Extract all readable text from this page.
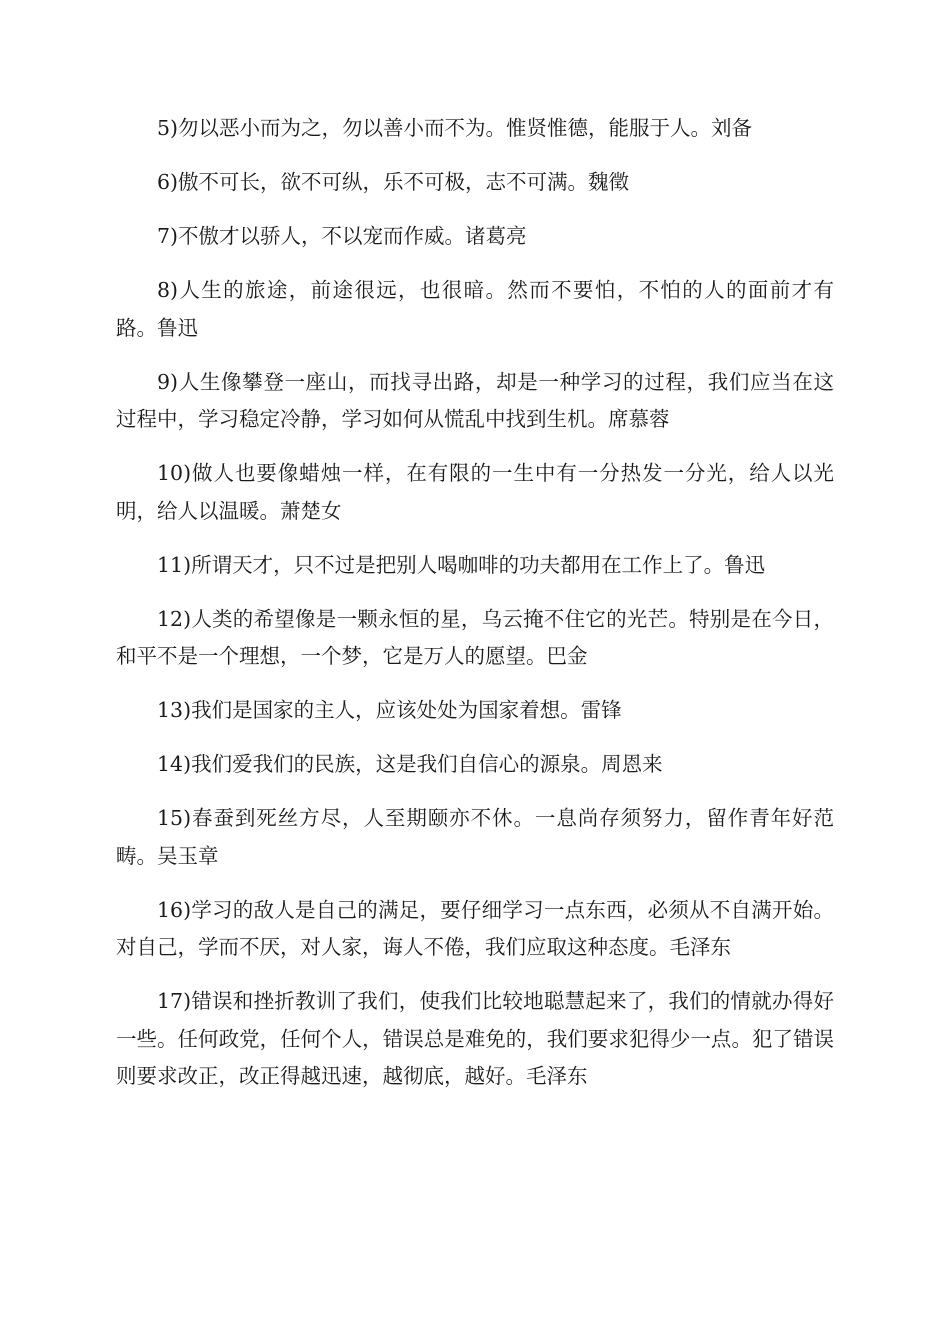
5)勿以恶小而为之，勿以善小而不为。惟贤惟德，能服于人。刘备

6)傲不可长，欲不可纵，乐不可极，志不可满。魏徵

7)不傲才以骄人，不以宠而作威。诸葛亮

8)人生的旅途，前途很远，也很暗。然而不要怕，不怕的人的面前才有路。鲁迅

9)人生像攀登一座山，而找寻出路，却是一种学习的过程，我们应当在这过程中，学习稳定冷静，学习如何从慌乱中找到生机。席慕蓉

10)做人也要像蜡烛一样，在有限的一生中有一分热发一分光，给人以光明，给人以温暖。萧楚女

11)所谓天才，只不过是把别人喝咖啡的功夫都用在工作上了。鲁迅

12)人类的希望像是一颗永恒的星，乌云掩不住它的光芒。特别是在今日，和平不是一个理想，一个梦，它是万人的愿望。巴金

13)我们是国家的主人，应该处处为国家着想。雷锋

14)我们爱我们的民族，这是我们自信心的源泉。周恩来

15)春蚕到死丝方尽，人至期颐亦不休。一息尚存须努力，留作青年好范畴。吴玉章

16)学习的敌人是自己的满足，要仔细学习一点东西，必须从不自满开始。对自己，学而不厌，对人家，诲人不倦，我们应取这种态度。毛泽东

17)错误和挫折教训了我们，使我们比较地聪慧起来了，我们的情就办得好一些。任何政党，任何个人，错误总是难免的，我们要求犯得少一点。犯了错误则要求改正，改正得越迅速，越彻底，越好。毛泽东
